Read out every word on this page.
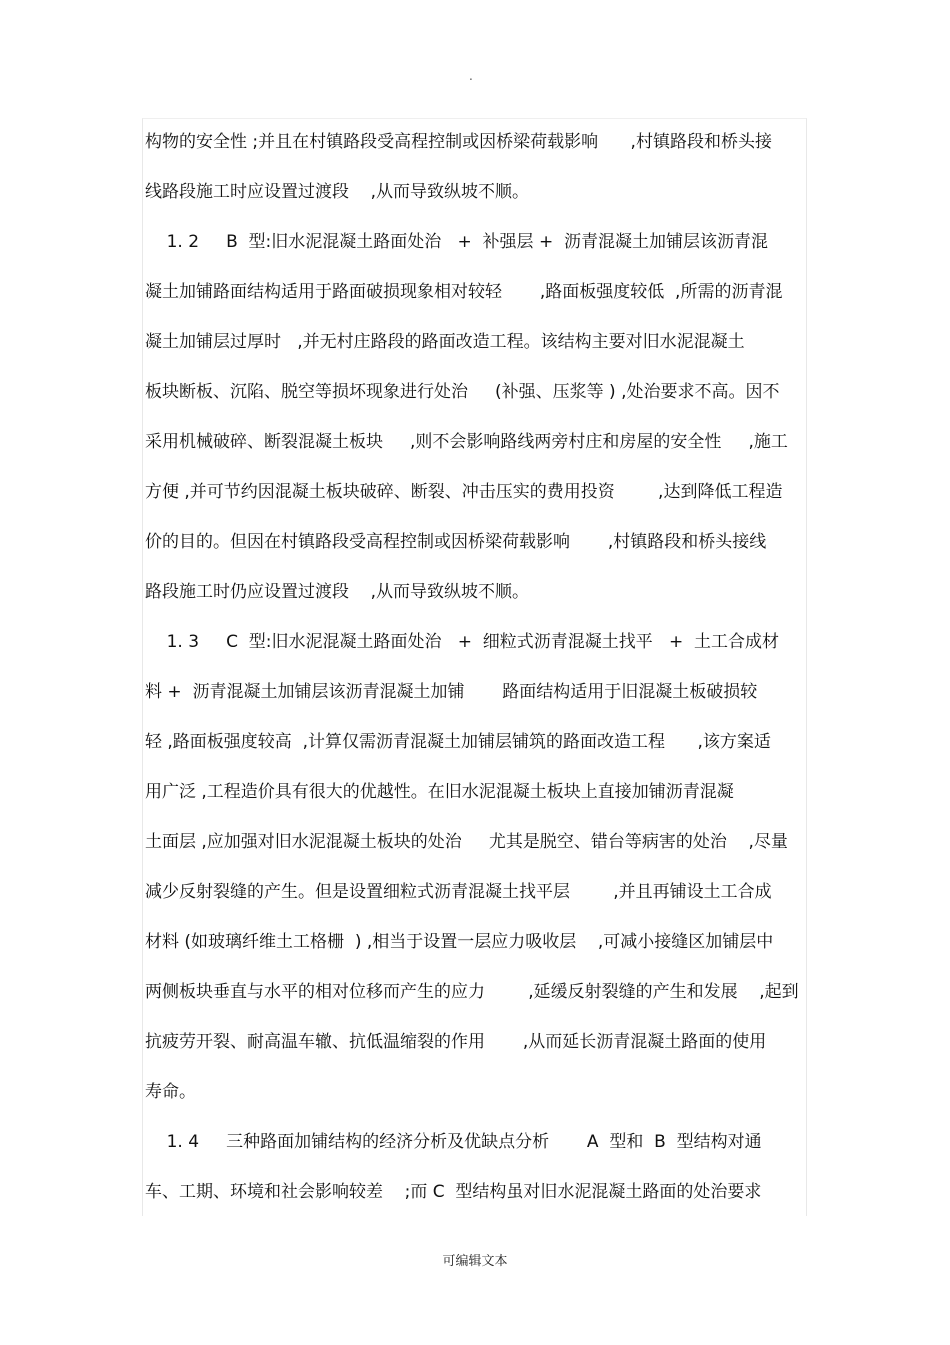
.
构物的安全性 ;并且在村镇路段受高程控制或因桥梁荷载影响      ,村镇路段和桥头接
线路段施工时应设置过渡段    ,从而导致纵坡不顺。
1. 2     B  型:旧水泥混凝土路面处治   +  补强层 +  沥青混凝土加铺层该沥青混
凝土加铺路面结构适用于路面破损现象相对较轻       ,路面板强度较低  ,所需的沥青混
凝土加铺层过厚时   ,并无村庄路段的路面改造工程。该结构主要对旧水泥混凝土
板块断板、沉陷、脱空等损坏现象进行处治     (补强、压浆等 ) ,处治要求不高。因不
采用机械破碎、断裂混凝土板块     ,则不会影响路线两旁村庄和房屋的安全性     ,施工
方便 ,并可节约因混凝土板块破碎、断裂、冲击压实的费用投资        ,达到降低工程造
价的目的。但因在村镇路段受高程控制或因桥梁荷载影响       ,村镇路段和桥头接线
路段施工时仍应设置过渡段    ,从而导致纵坡不顺。
1. 3     C  型:旧水泥混凝土路面处治   +  细粒式沥青混凝土找平   +  土工合成材
料 +  沥青混凝土加铺层该沥青混凝土加铺       路面结构适用于旧混凝土板破损较
轻 ,路面板强度较高  ,计算仅需沥青混凝土加铺层铺筑的路面改造工程      ,该方案适
用广泛 ,工程造价具有很大的优越性。在旧水泥混凝土板块上直接加铺沥青混凝
土面层 ,应加强对旧水泥混凝土板块的处治     尤其是脱空、错台等病害的处治    ,尽量
减少反射裂缝的产生。但是设置细粒式沥青混凝土找平层        ,并且再铺设土工合成
材料 (如玻璃纤维土工格栅  ) ,相当于设置一层应力吸收层    ,可减小接缝区加铺层中
两侧板块垂直与水平的相对位移而产生的应力        ,延缓反射裂缝的产生和发展    ,起到
抗疲劳开裂、耐高温车辙、抗低温缩裂的作用       ,从而延长沥青混凝土路面的使用
寿命。
1. 4     三种路面加铺结构的经济分析及优缺点分析       A  型和  B  型结构对通
车、工期、环境和社会影响较差    ;而 C  型结构虽对旧水泥混凝土路面的处治要求
可编辑文本
